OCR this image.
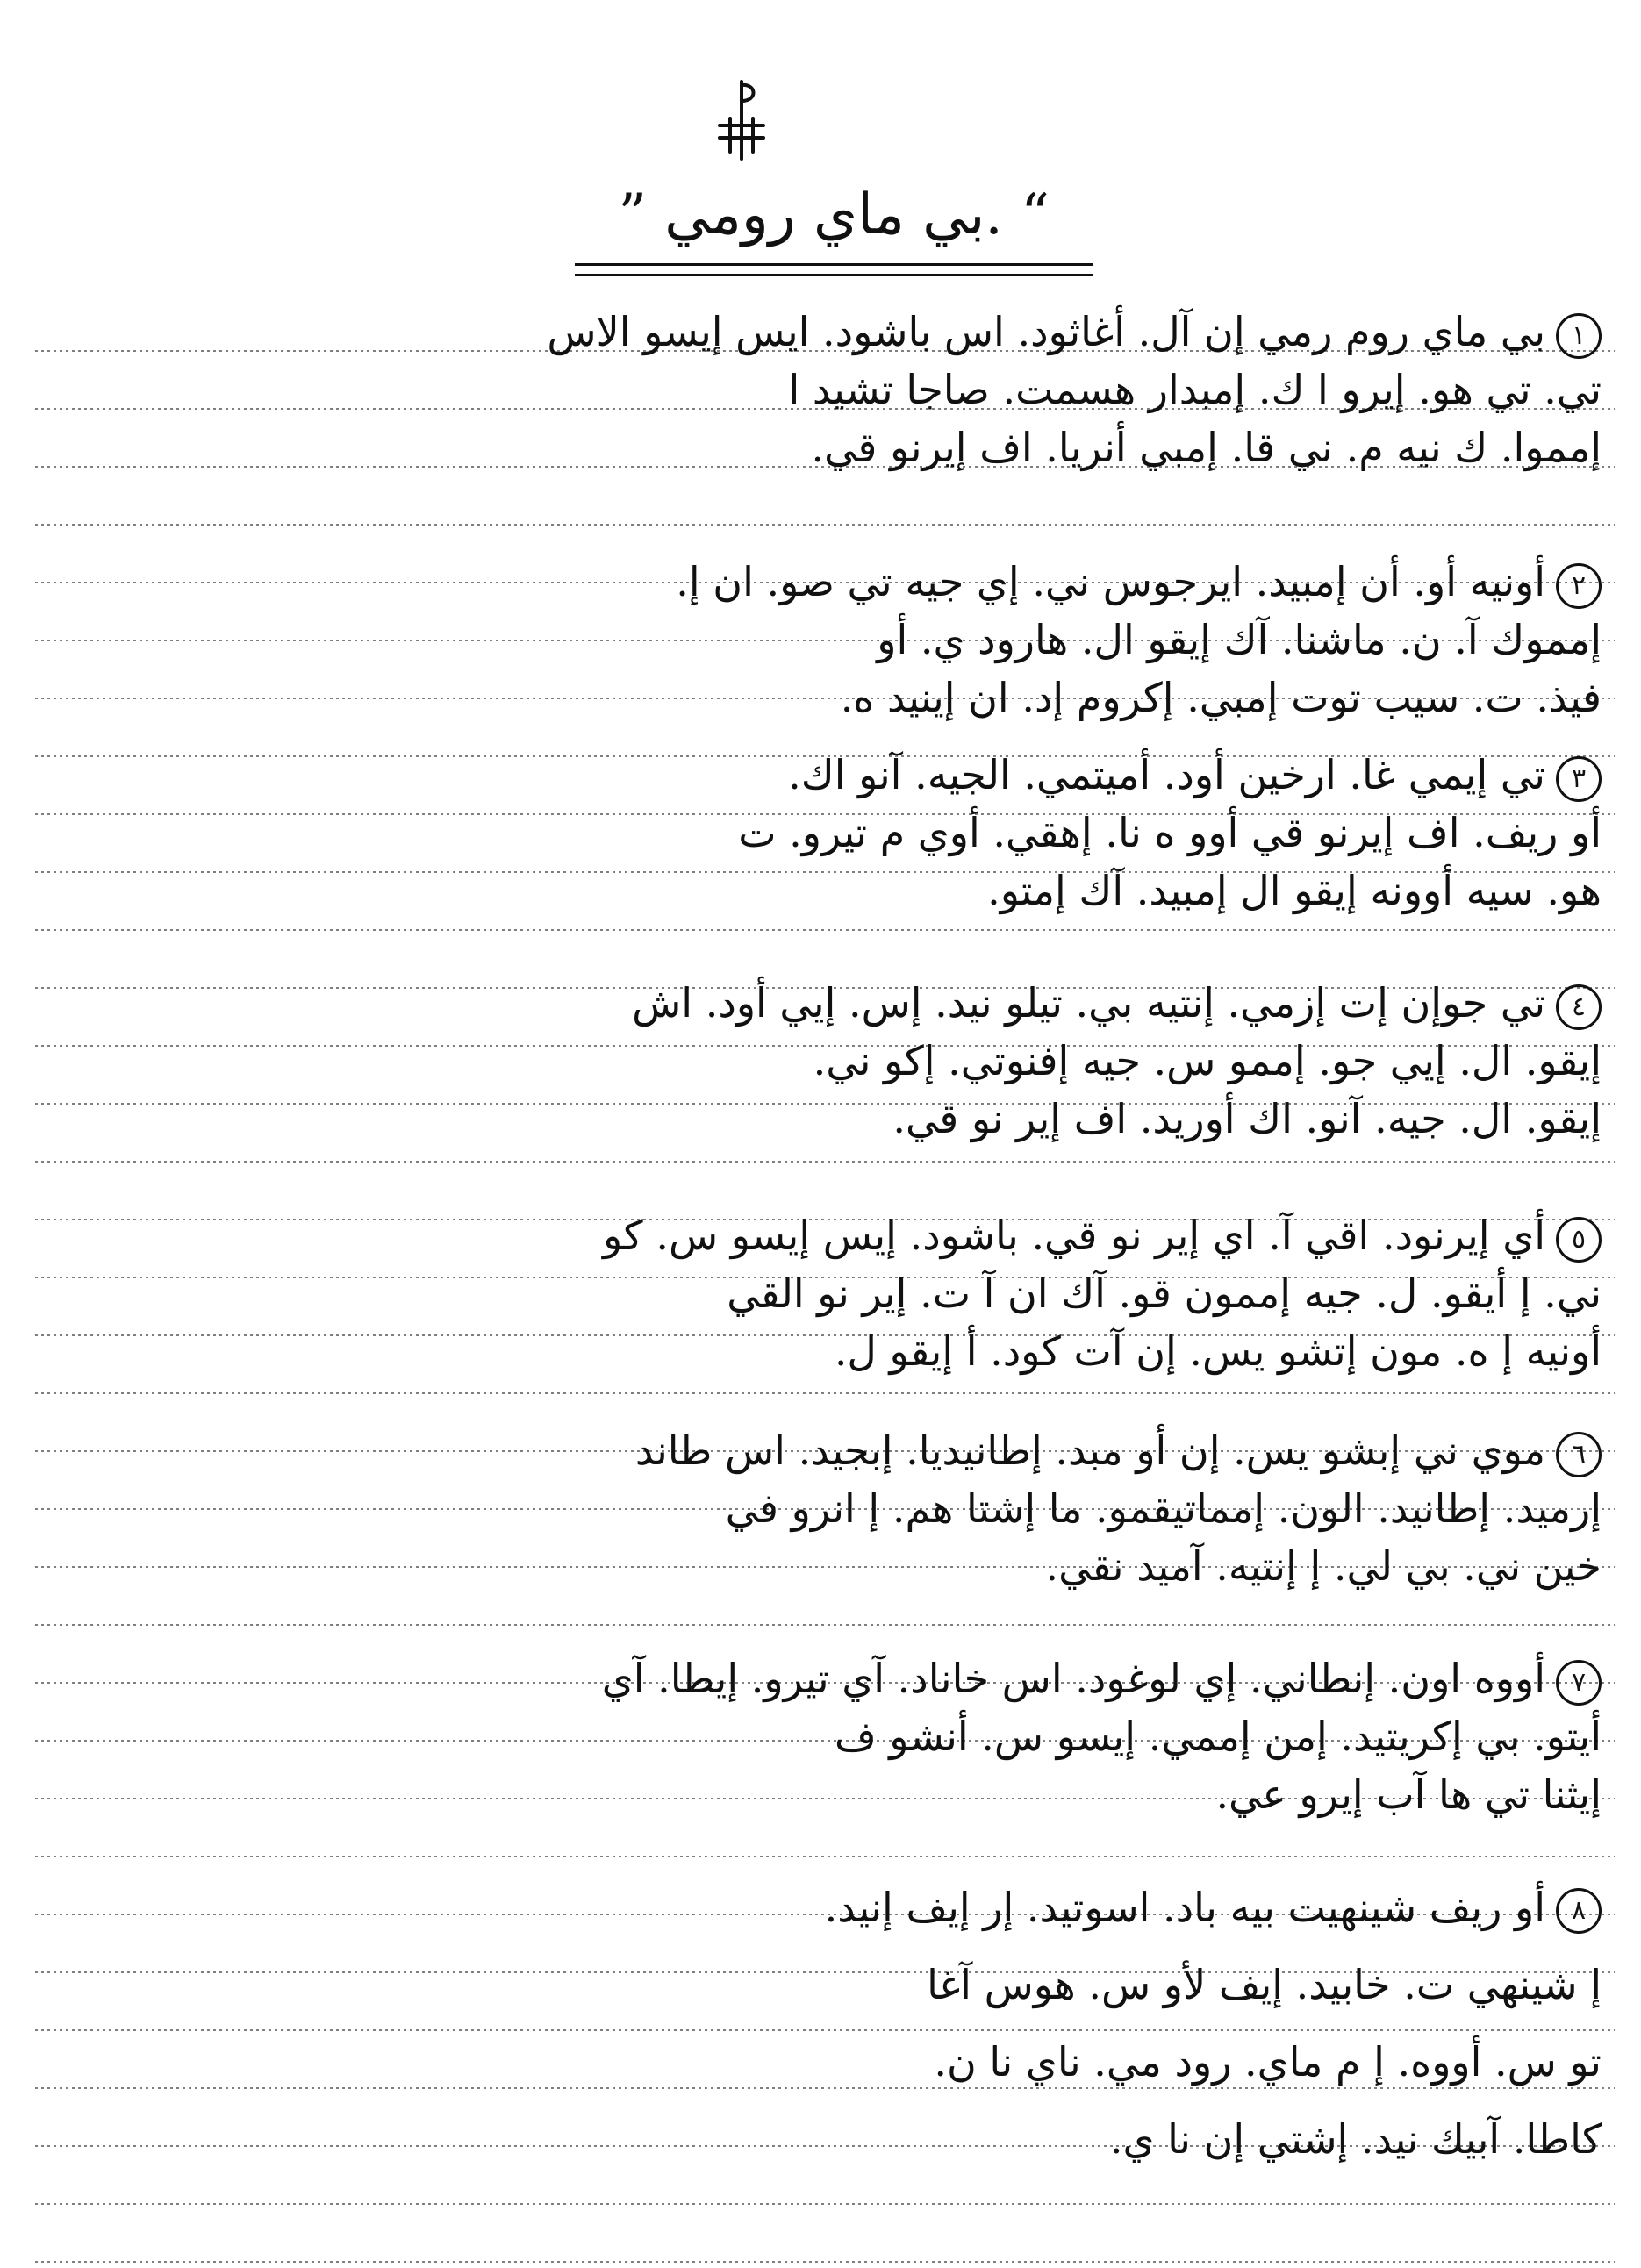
“ .بي ماي رومي ”
١
بي ماي روم رمي إن آل. أغاثود. اس باشود. ايس إيسو الاس
تي. تي هو. إيرو ا ك. إمبدار هسمت. صاجا تشيد ا
إمموا. ك نيه م. ني قا. إمبي أنريا. اف إيرنو قي.
٢
أونيه أو. أن إمبيد. ايرجوس ني. إي جيه تي صو. ان إ.
إمموك آ. ن. ماشنا. آك إيقو ال. هارود ي. أو
فيذ. ت. سيب توت إمبي. إكروم إد. ان إينيد ه.
٣
تي إيمي غا. ارخين أود. أميتمي. الجيه. آنو اك.
أو ريف. اف إيرنو قي أوو ه نا. إهقي. أوي م تيرو. ت
هو. سيه أوونه إيقو ال إمبيد. آك إمتو.
٤
تي جوإن إت إزمي. إنتيه بي. تيلو نيد. إس. إيي أود. اش
إيقو. ال. إيي جو. إممو س. جيه إفنوتي. إكو ني.
إيقو. ال. جيه. آنو. اك أوريد. اف إير نو قي.
٥
أي إيرنود. اقي آ. اي إير نو قي. باشود. إيس إيسو س. كو
ني. إ أيقو. ل. جيه إممون قو. آك ان آ ت. إير نو القي
أونيه إ ه. مون إتشو يس. إن آت كود. أ إيقو ل.
٦
موي ني إبشو يس. إن أو مبد. إطانيديا. إبجيد. اس طاند
إرميد. إطانيد. الون. إمماتيقمو. ما إشتا هم. إ انرو في
خين ني. بي لي. إ إنتيه. آميد نقي.
٧
أووه اون. إنطاني. إي لوغود. اس خاناد. آي تيرو. إيطا. آي
أيتو. بي إكريتيد. إمن إممي. إيسو س. أنشو ف
إيثنا تي ها آب إيرو عي.
٨
أو ريف شينهيت بيه باد. اسوتيد. إر إيف إنيد.
إ شينهي ت. خابيد. إيف لأو س. هوس آغا
تو س. أووه. إ م ماي. رود مي. ناي نا ن.
كاطا. آبيك نيد. إشتي إن نا ي.
